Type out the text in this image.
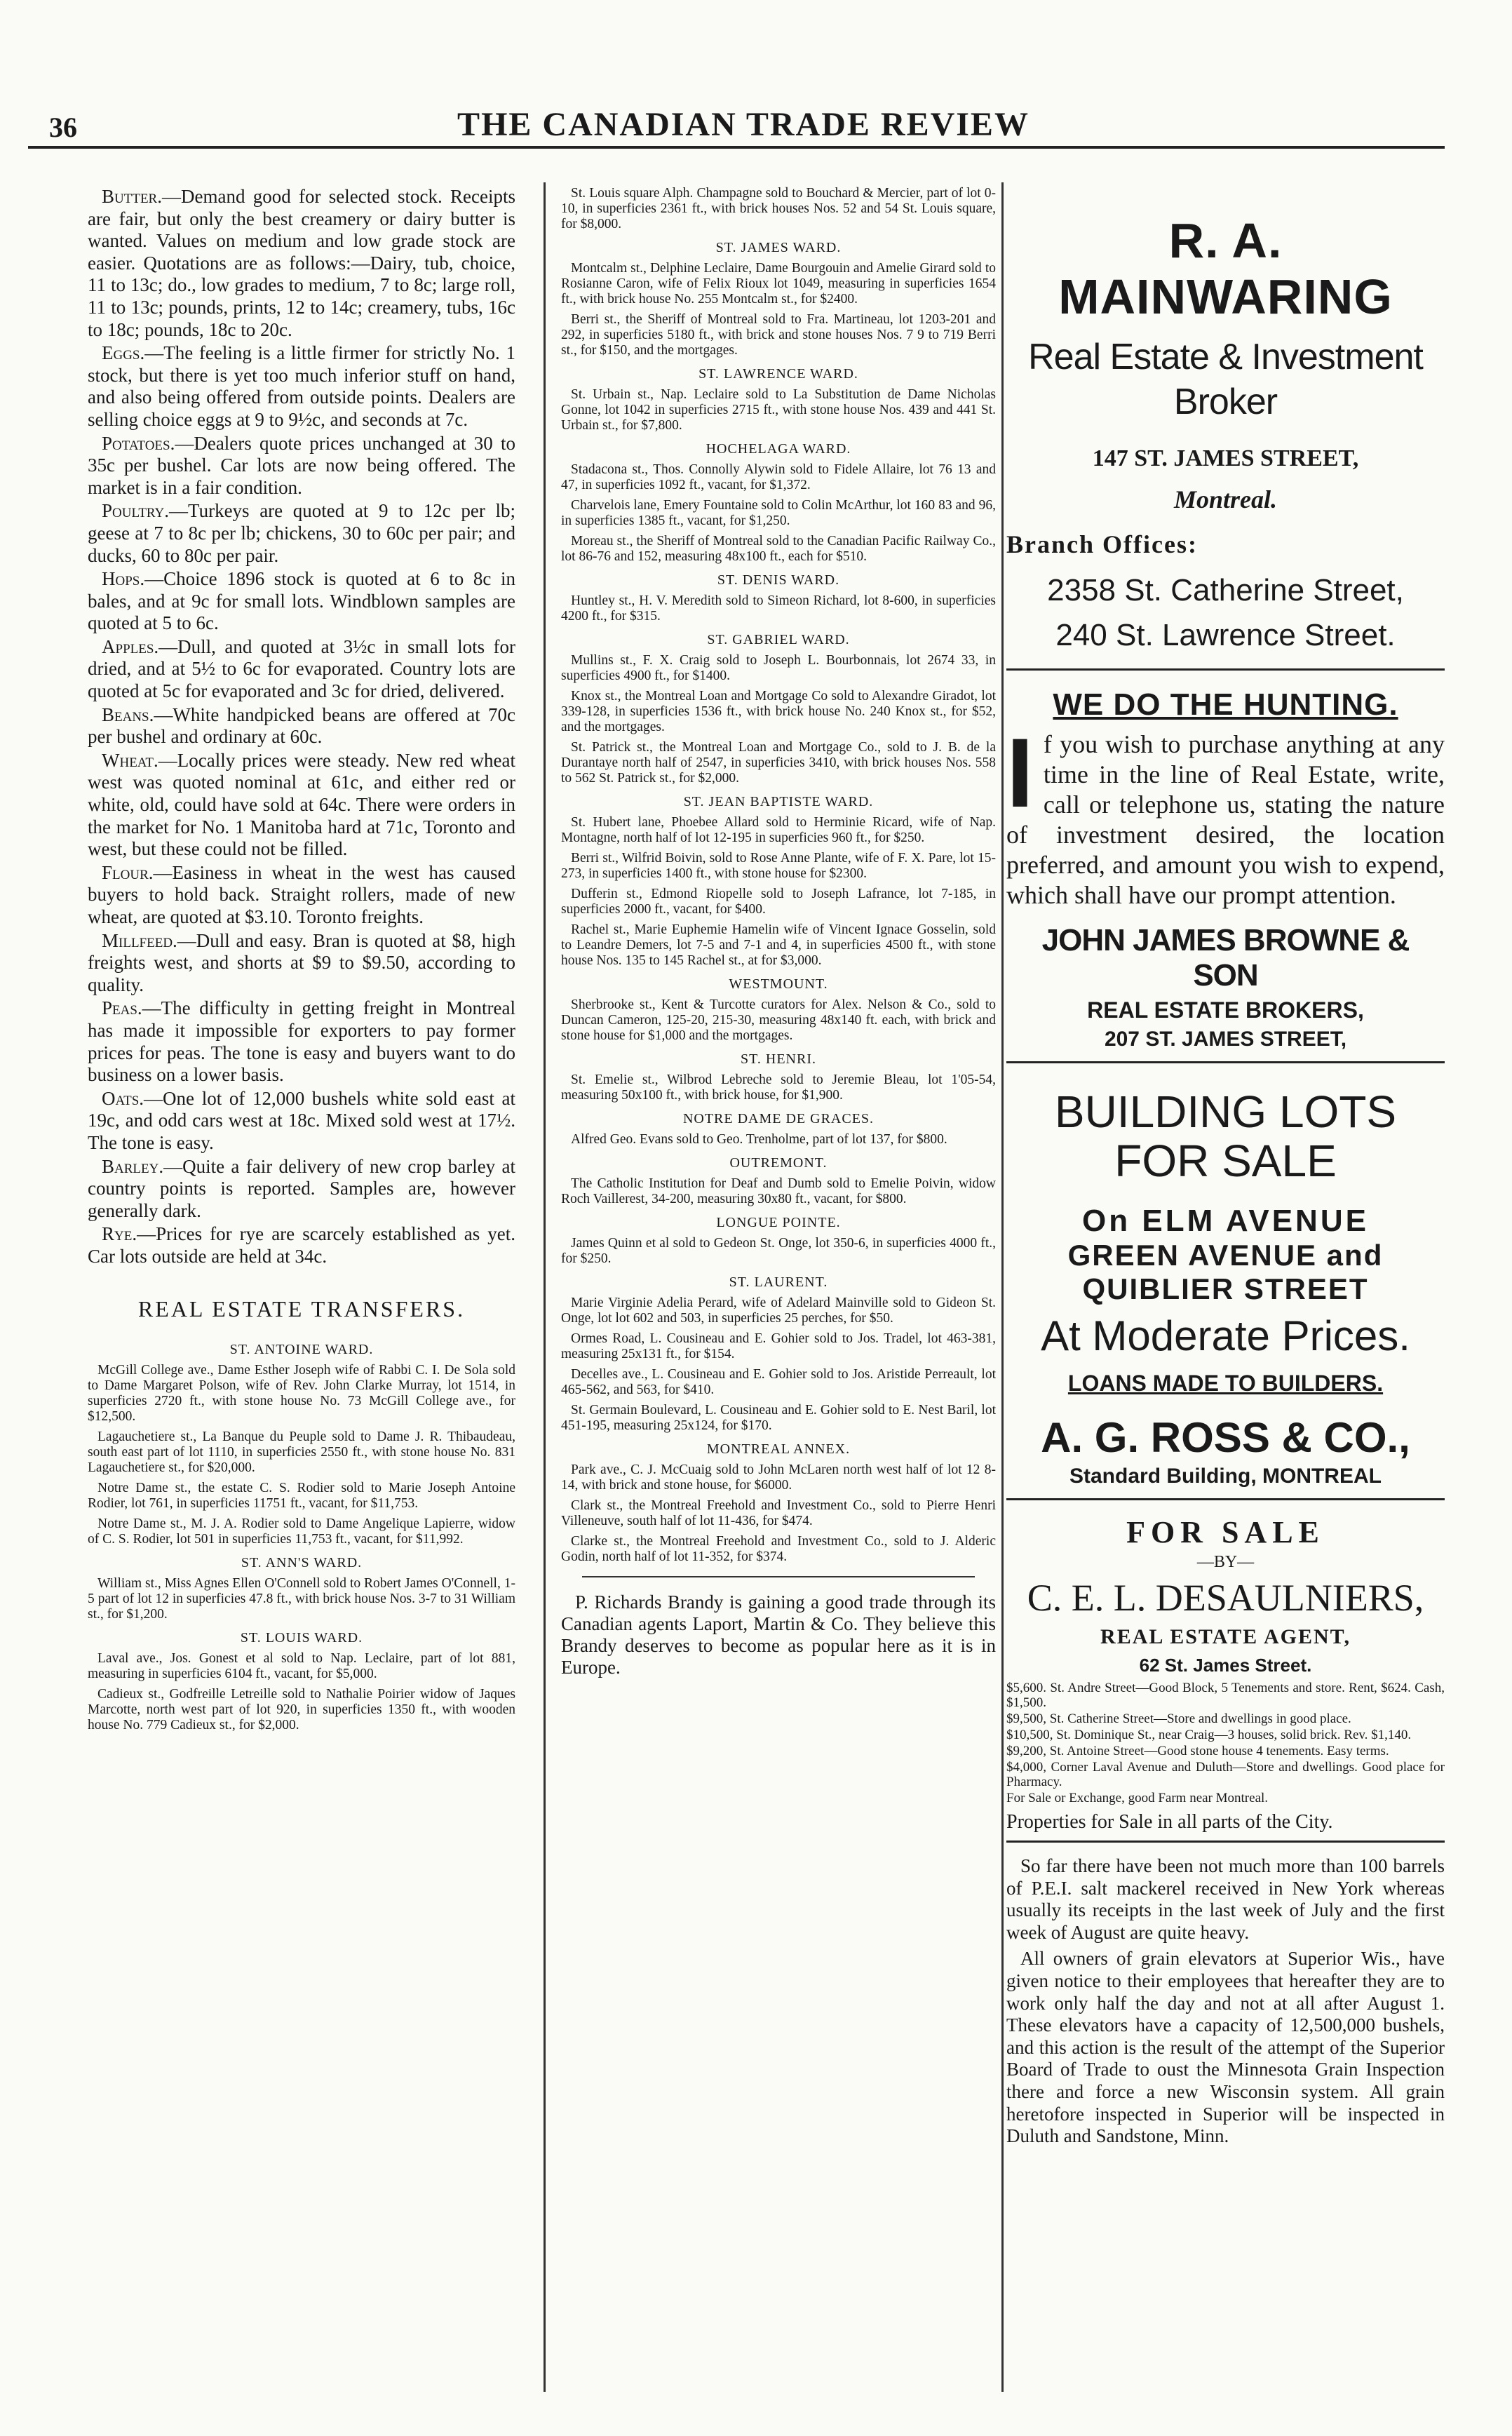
36	THE CANADIAN TRADE REVIEW

Butter.—Demand good for selected stock. Receipts are fair, but only the best creamery or dairy butter is wanted. Values on medium and low grade stock are easier. Quotations are as follows:—Dairy, tub, choice, 11 to 13c; do., low grades to medium, 7 to 8c; large roll, 11 to 13c; pounds, prints, 12 to 14c; creamery, tubs, 16c to 18c; pounds, 18c to 20c.

Eggs.—The feeling is a little firmer for strictly No. 1 stock, but there is yet too much inferior stuff on hand, and also being offered from outside points. Dealers are selling choice eggs at 9 to 9½c, and seconds at 7c.

Potatoes.—Dealers quote prices unchanged at 30 to 35c per bushel. Car lots are now being offered. The market is in a fair condition.

Poultry.—Turkeys are quoted at 9 to 12c per lb; geese at 7 to 8c per lb; chickens, 30 to 60c per pair; and ducks, 60 to 80c per pair.

Hops.—Choice 1896 stock is quoted at 6 to 8c in bales, and at 9c for small lots. Windblown samples are quoted at 5 to 6c.

Apples.—Dull, and quoted at 3½c in small lots for dried, and at 5½ to 6c for evaporated. Country lots are quoted at 5c for evaporated and 3c for dried, delivered.

Beans.—White handpicked beans are offered at 70c per bushel and ordinary at 60c.

Wheat.—Locally prices were steady. New red wheat west was quoted nominal at 61c, and either red or white, old, could have sold at 64c. There were orders in the market for No. 1 Manitoba hard at 71c, Toronto and west, but these could not be filled.

Flour.—Easiness in wheat in the west has caused buyers to hold back. Straight rollers, made of new wheat, are quoted at $3.10. Toronto freights.

Millfeed.—Dull and easy. Bran is quoted at $8, high freights west, and shorts at $9 to $9.50, according to quality.

Peas.—The difficulty in getting freight in Montreal has made it impossible for exporters to pay former prices for peas. The tone is easy and buyers want to do business on a lower basis.

Oats.—One lot of 12,000 bushels white sold east at 19c, and odd cars west at 18c. Mixed sold west at 17½. The tone is easy.

Barley.—Quite a fair delivery of new crop barley at country points is reported. Samples are, however generally dark.

Rye.—Prices for rye are scarcely established as yet. Car lots outside are held at 34c.

REAL ESTATE TRANSFERS.
ST. ANTOINE WARD.

McGill College ave., Dame Esther Joseph wife of Rabbi C. I. De Sola sold to Dame Margaret Polson, wife of Rev. John Clarke Murray, lot 1514, in superficies 2720 ft., with stone house No. 73 McGill College ave., for $12,500.

Lagauchetiere st., La Banque du Peuple sold to Dame J. R. Thibaudeau, south east part of lot 1110, in superficies 2550 ft., with stone house No. 831 Lagauchetiere st., for $20,000.

Notre Dame st., the estate C. S. Rodier sold to Marie Joseph Antoine Rodier, lot 761, in superficies 11751 ft., vacant, for $11,753.

Notre Dame st., M. J. A. Rodier sold to Dame Angelique Lapierre, widow of C. S. Rodier, lot 501 in superficies 11,753 ft., vacant, for $11,992.

ST. ANN'S WARD.

William st., Miss Agnes Ellen O'Connell sold to Robert James O'Connell, 1-5 part of lot 12 in superficies 47.8 ft., with brick house Nos. 3-7 to 31 William st., for $1,200.

ST. LOUIS WARD.

Laval ave., Jos. Gonest et al sold to Nap. Leclaire, part of lot 881, measuring in superficies 6104 ft., vacant, for $5,000.

Cadieux st., Godfreille Letreille sold to Nathalie Poirier widow of Jaques Marcotte, north west part of lot 920, in superficies 1350 ft., with wooden house No. 779 Cadieux st., for $2,000.

St. Louis square Alph. Champagne sold to Bouchard & Mercier, part of lot 0-10, in superficies 2361 ft., with brick houses Nos. 52 and 54 St. Louis square, for $8,000.

ST. JAMES WARD.

Montcalm st., Delphine Leclaire, Dame Bourgouin and Amelie Girard sold to Rosianne Caron, wife of Felix Rioux lot 1049, measuring in superficies 1654 ft., with brick house No. 255 Montcalm st., for $2400.

Berri st., the Sheriff of Montreal sold to Fra. Martineau, lot 1203-201 and 292, in superficies 5180 ft., with brick and stone houses Nos. 7 9 to 719 Berri st., for $150, and the mortgages.

ST. LAWRENCE WARD.

St. Urbain st., Nap. Leclaire sold to La Substitution de Dame Nicholas Gonne, lot 1042 in superficies 2715 ft., with stone house Nos. 439 and 441 St. Urbain st., for $7,800.

HOCHELAGA WARD.

Stadacona st., Thos. Connolly Alywin sold to Fidele Allaire, lot 76 13 and 47, in superficies 1092 ft., vacant, for $1,372.

Charvelois lane, Emery Fountaine sold to Colin McArthur, lot 160 83 and 96, in superficies 1385 ft., vacant, for $1,250.

Moreau st., the Sheriff of Montreal sold to the Canadian Pacific Railway Co., lot 86-76 and 152, measuring 48x100 ft., each for $510.

ST. DENIS WARD.

Huntley st., H. V. Meredith sold to Simeon Richard, lot 8-600, in superficies 4200 ft., for $315.

ST. GABRIEL WARD.

Mullins st., F. X. Craig sold to Joseph L. Bourbonnais, lot 2674 33, in superficies 4900 ft., for $1400.

Knox st., the Montreal Loan and Mortgage Co sold to Alexandre Giradot, lot 339-128, in superficies 1536 ft., with brick house No. 240 Knox st., for $52, and the mortgages.

St. Patrick st., the Montreal Loan and Mortgage Co., sold to J. B. de la Durantaye north half of 2547, in superficies 3410, with brick houses Nos. 558 to 562 St. Patrick st., for $2,000.

ST. JEAN BAPTISTE WARD.

St. Hubert lane, Phoebee Allard sold to Herminie Ricard, wife of Nap. Montagne, north half of lot 12-195 in superficies 960 ft., for $250.

Berri st., Wilfrid Boivin, sold to Rose Anne Plante, wife of F. X. Pare, lot 15-273, in superficies 1400 ft., with stone house for $2300.

Dufferin st., Edmond Riopelle sold to Joseph Lafrance, lot 7-185, in superficies 2000 ft., vacant, for $400.

Rachel st., Marie Euphemie Hamelin wife of Vincent Ignace Gosselin, sold to Leandre Demers, lot 7-5 and 7-1 and 4, in superficies 4500 ft., with stone house Nos. 135 to 145 Rachel st., at for $3,000.

WESTMOUNT.

Sherbrooke st., Kent & Turcotte curators for Alex. Nelson & Co., sold to Duncan Cameron, 125-20, 215-30, measuring 48x140 ft. each, with brick and stone house for $1,000 and the mortgages.

ST. HENRI.

St. Emelie st., Wilbrod Lebreche sold to Jeremie Bleau, lot 1'05-54, measuring 50x100 ft., with brick house, for $1,900.

NOTRE DAME DE GRACES.

Alfred Geo. Evans sold to Geo. Trenholme, part of lot 137, for $800.

OUTREMONT.

The Catholic Institution for Deaf and Dumb sold to Emelie Poivin, widow Roch Vaillerest, 34-200, measuring 30x80 ft., vacant, for $800.

LONGUE POINTE.

James Quinn et al sold to Gedeon St. Onge, lot 350-6, in superficies 4000 ft., for $250.

ST. LAURENT.

Marie Virginie Adelia Perard, wife of Adelard Mainville sold to Gideon St. Onge, lot lot 602 and 503, in superficies 25 perches, for $50.

Ormes Road, L. Cousineau and E. Gohier sold to Jos. Tradel, lot 463-381, measuring 25x131 ft., for $154.

Decelles ave., L. Cousineau and E. Gohier sold to Jos. Aristide Perreault, lot 465-562, and 563, for $410.

St. Germain Boulevard, L. Cousineau and E. Gohier sold to E. Nest Baril, lot 451-195, measuring 25x124, for $170.

MONTREAL ANNEX.

Park ave., C. J. McCuaig sold to John McLaren north west half of lot 12 8-14, with brick and stone house, for $6000.

Clark st., the Montreal Freehold and Investment Co., sold to Pierre Henri Villeneuve, south half of lot 11-436, for $474.

Clarke st., the Montreal Freehold and Investment Co., sold to J. Alderic Godin, north half of lot 11-352, for $374.

P. Richards Brandy is gaining a good trade through its Canadian agents Laport, Martin & Co. They believe this Brandy deserves to become as popular here as it is in Europe.

R. A. MAINWARING
Real Estate & Investment Broker
147 ST. JAMES STREET,
Montreal.
Branch Offices:
2358 St. Catherine Street,
240 St. Lawrence Street.
WE DO THE HUNTING.
If you wish to purchase anything at any time in the line of Real Estate, write, call or telephone us, stating the nature of investment desired, the location preferred, and amount you wish to expend, which shall have our prompt attention.
JOHN JAMES BROWNE & SON
REAL ESTATE BROKERS,
207 ST. JAMES STREET,
BUILDING LOTS
FOR SALE
On ELM AVENUE
GREEN AVENUE and
QUIBLIER STREET
At Moderate Prices.
LOANS MADE TO BUILDERS.
A. G. ROSS & CO.,
Standard Building, MONTREAL
FOR SALE
—BY—
C. E. L. DESAULNIERS,
REAL ESTATE AGENT,
62 St. James Street.

$5,600. St. Andre Street—Good Block, 5 Tenements and store. Rent, $624. Cash, $1,500.

$9,500, St. Catherine Street—Store and dwellings in good place.

$10,500, St. Dominique St., near Craig—3 houses, solid brick. Rev. $1,140.

$9,200, St. Antoine Street—Good stone house 4 tenements. Easy terms.

$4,000, Corner Laval Avenue and Duluth—Store and dwellings. Good place for Pharmacy.

For Sale or Exchange, good Farm near Montreal.

Properties for Sale in all parts of the City.

So far there have been not much more than 100 barrels of P.E.I. salt mackerel received in New York whereas usually its receipts in the last week of July and the first week of August are quite heavy.

All owners of grain elevators at Superior Wis., have given notice to their employees that hereafter they are to work only half the day and not at all after August 1. These elevators have a capacity of 12,500,000 bushels, and this action is the result of the attempt of the Superior Board of Trade to oust the Minnesota Grain Inspection there and force a new Wisconsin system. All grain heretofore inspected in Superior will be inspected in Duluth and Sandstone, Minn.
